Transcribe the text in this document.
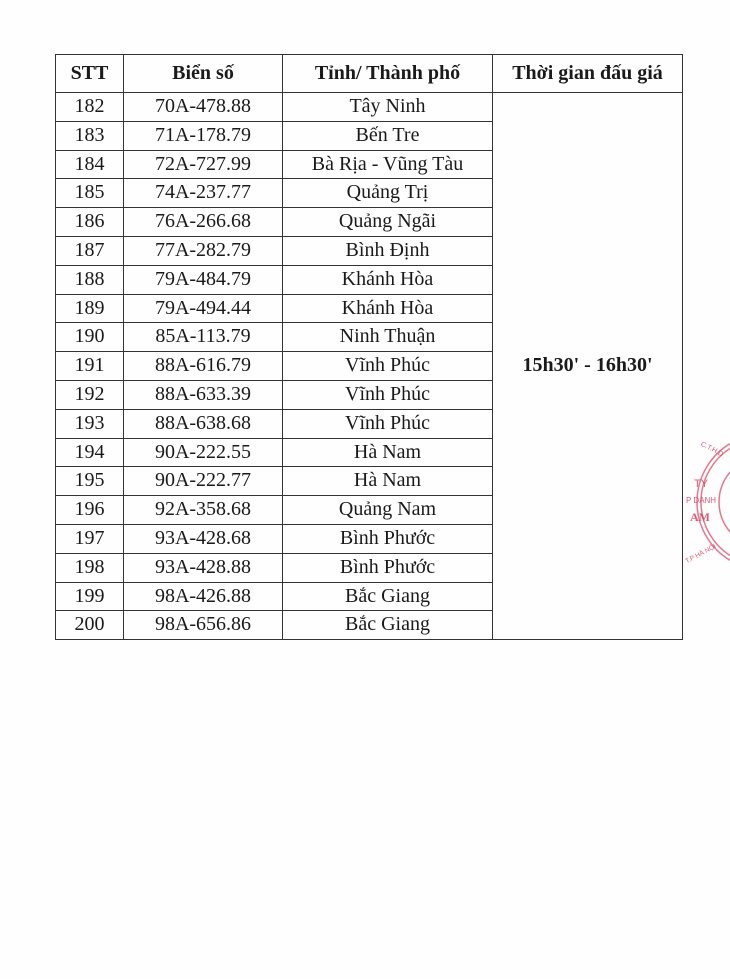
STT	Biển số	Tỉnh/ Thành phố	Thời gian đấu giá
182	70A-478.88	Tây Ninh	15h30' - 16h30'
183	71A-178.79	Bến Tre	
184	72A-727.99	Bà Rịa - Vũng Tàu	
185	74A-237.77	Quảng Trị	
186	76A-266.68	Quảng Ngãi	
187	77A-282.79	Bình Định	
188	79A-484.79	Khánh Hòa	
189	79A-494.44	Khánh Hòa	
190	85A-113.79	Ninh Thuận	
191	88A-616.79	Vĩnh Phúc	
192	88A-633.39	Vĩnh Phúc	
193	88A-638.68	Vĩnh Phúc	
194	90A-222.55	Hà Nam	
195	90A-222.77	Hà Nam	
196	92A-358.68	Quảng Nam	
197	93A-428.68	Bình Phước	
198	93A-428.88	Bình Phước	
199	98A-426.88	Bắc Giang	
200	98A-656.86	Bắc Giang	
TY
P DANH
AM
C.T.H.D
T.P HÀ NỘI
